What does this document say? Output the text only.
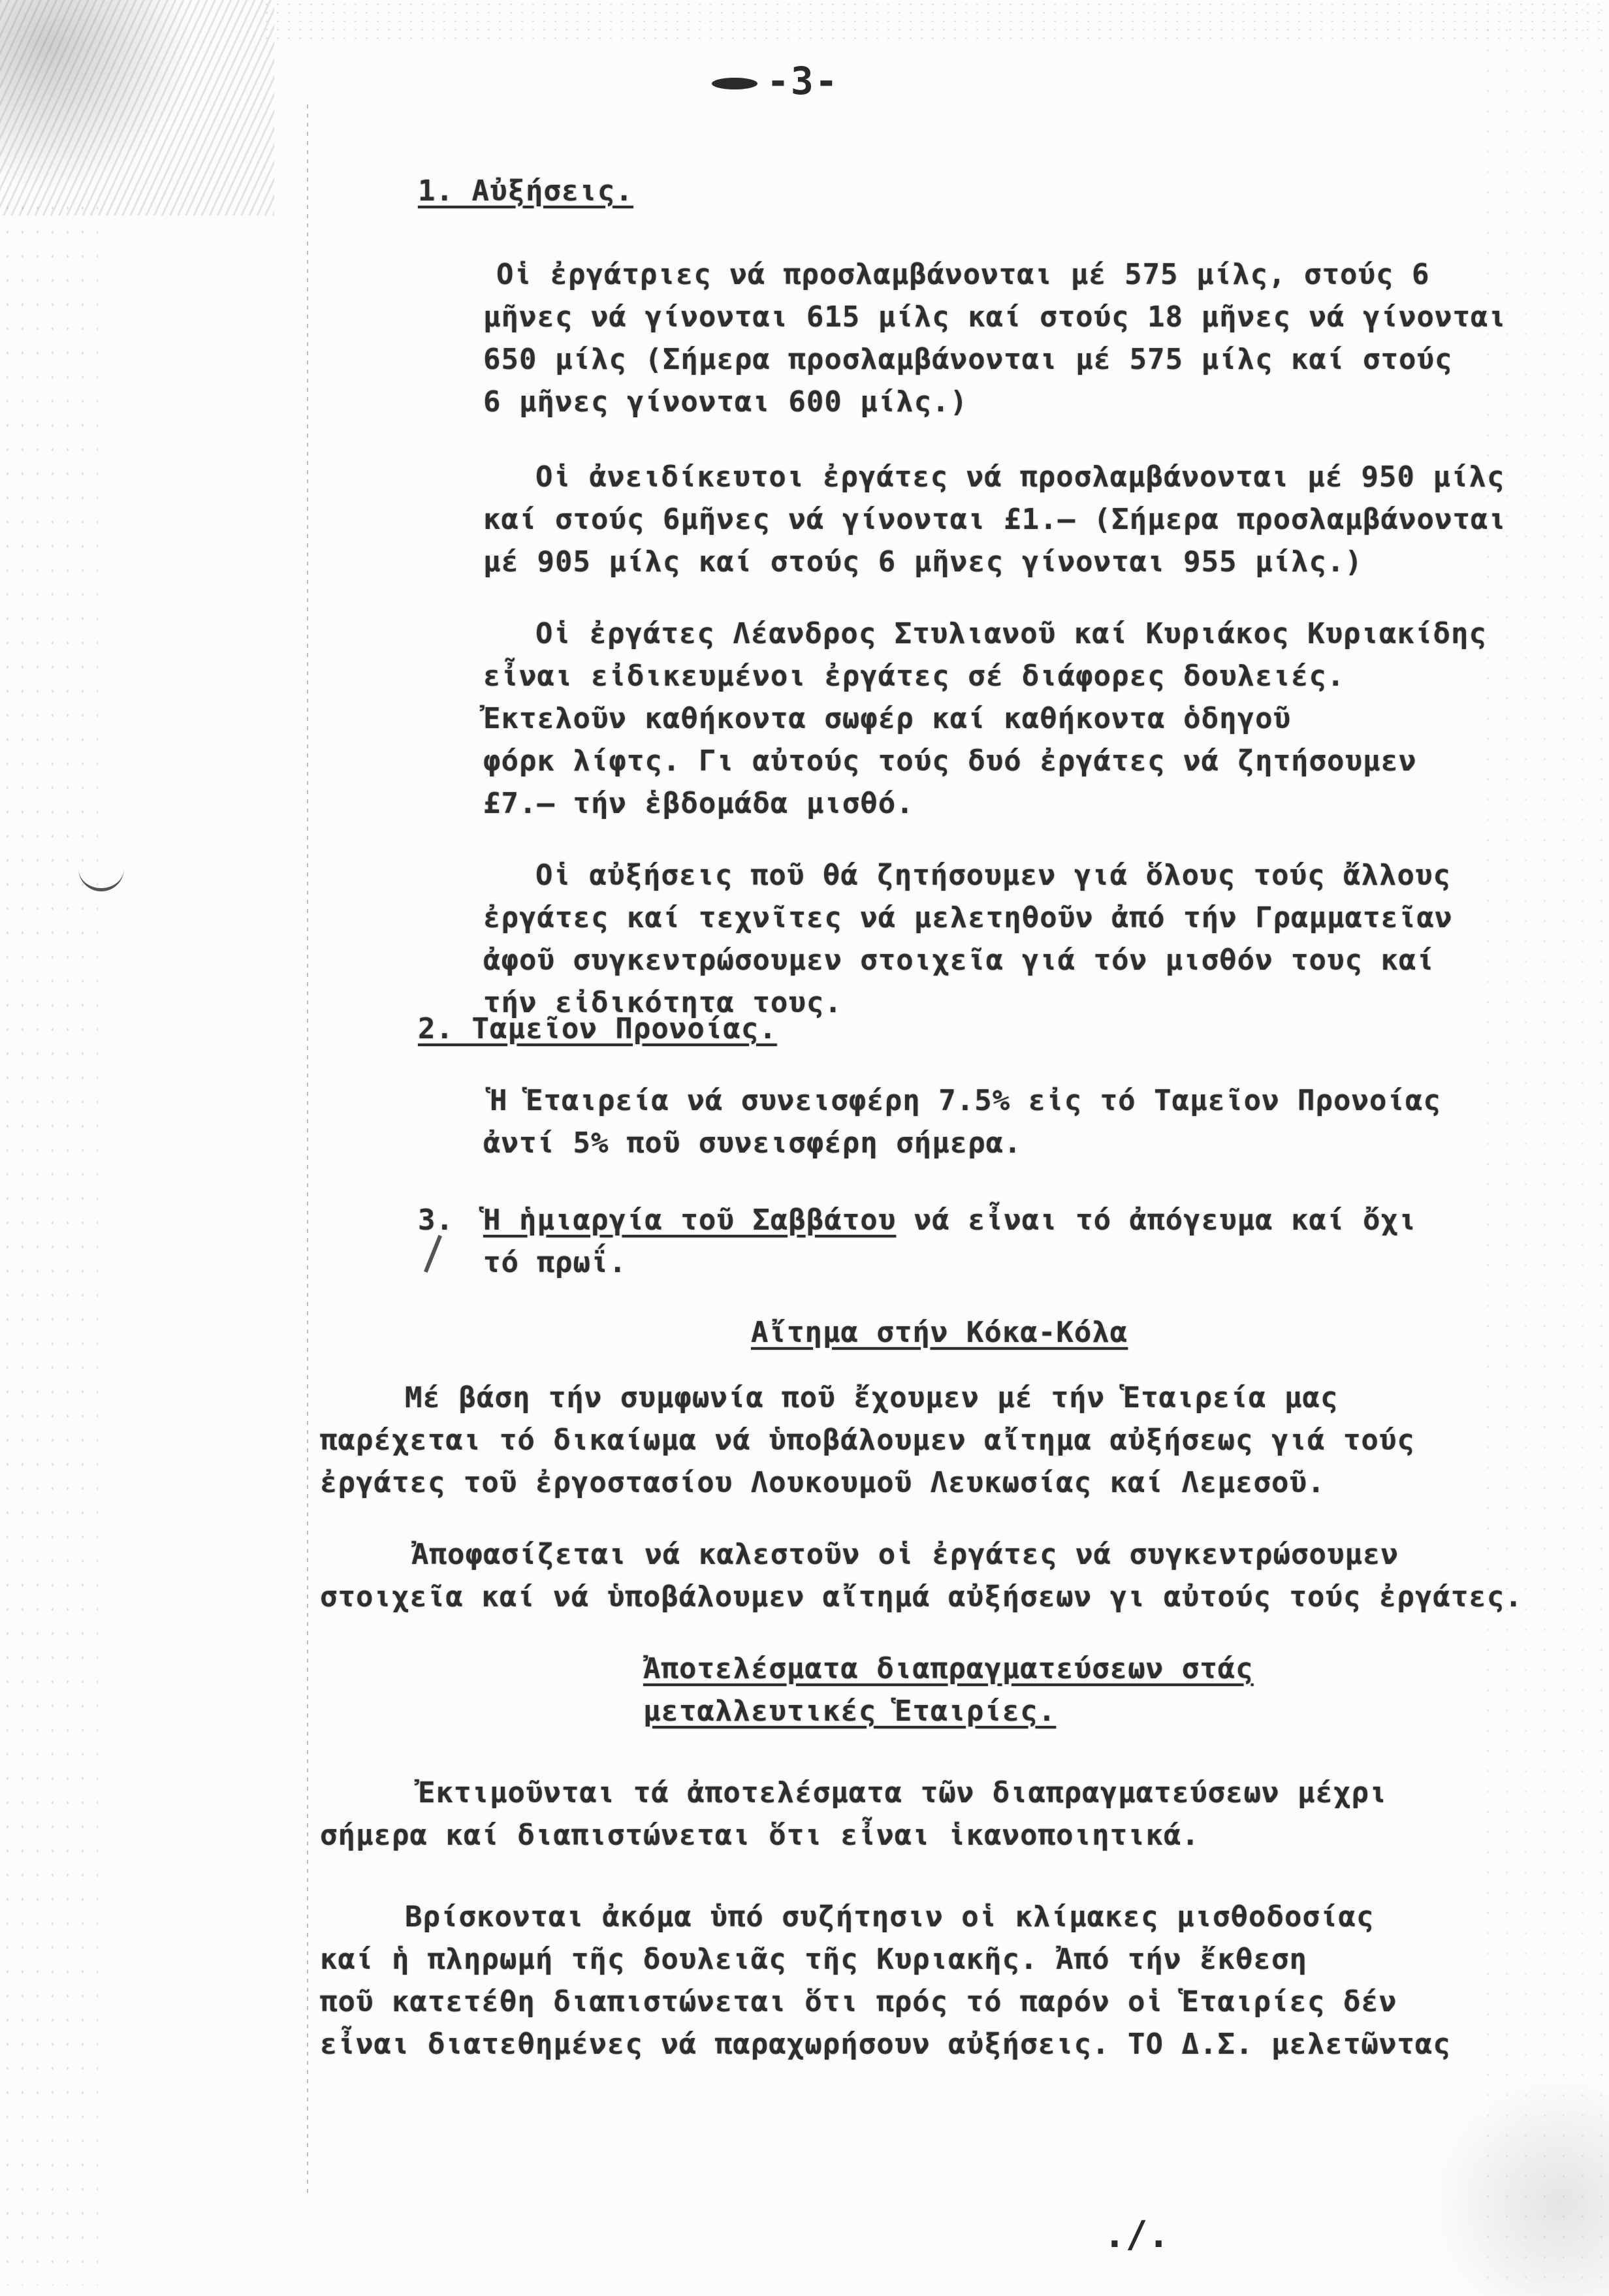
-3-
1. Αὐξήσεις.
Οἱ ἐργάτριες νά προσλαμβάνονται μέ 575 μίλς, στούς 6
μῆνες νά γίνονται 615 μίλς καί στούς 18 μῆνες νά γίνονται
650 μίλς (Σήμερα προσλαμβάνονται μέ 575 μίλς καί στούς
6 μῆνες γίνονται 600 μίλς.)
Οἱ ἀνειδίκευτοι ἐργάτες νά προσλαμβάνονται μέ 950 μίλς
καί στούς 6μῆνες νά γίνονται £1.— (Σήμερα προσλαμβάνονται
μέ 905 μίλς καί στούς 6 μῆνες γίνονται 955 μίλς.)
Οἱ ἐργάτες Λέανδρος Στυλιανοῦ καί Κυριάκος Κυριακίδης
εἶναι εἰδικευμένοι ἐργάτες σέ διάφορες δουλειές.
Ἐκτελοῦν καθήκοντα σωφέρ καί καθήκοντα ὁδηγοῦ
φόρκ λίφτς. Γι αὐτούς τούς δυό ἐργάτες νά ζητήσουμεν
£7.— τήν ἑβδομάδα μισθό.
Οἱ αὐξήσεις ποῦ θά ζητήσουμεν γιά ὅλους τούς ἄλλους
ἐργάτες καί τεχνῖτες νά μελετηθοῦν ἀπό τήν Γραμματεῖαν
ἀφοῦ συγκεντρώσουμεν στοιχεῖα γιά τόν μισθόν τους καί
τήν εἰδικότητα τους.
2. Ταμεῖον Προνοίας.
Ἡ Ἑταιρεία νά συνεισφέρη 7.5% εἰς τό Ταμεῖον Προνοίας
ἀντί 5% ποῦ συνεισφέρη σήμερα.
3. Ἡ ἡμιαργία τοῦ Σαββάτου νά εἶναι τό ἀπόγευμα καί ὄχι
τό πρωΐ.
Αἴτημα στήν Κόκα-Κόλα
Μέ βάση τήν συμφωνία ποῦ ἔχουμεν μέ τήν Ἑταιρεία μας
παρέχεται τό δικαίωμα νά ὑποβάλουμεν αἴτημα αὐξήσεως γιά τούς
ἐργάτες τοῦ ἐργοστασίου Λουκουμοῦ Λευκωσίας καί Λεμεσοῦ.
Ἀποφασίζεται νά καλεστοῦν οἱ ἐργάτες νά συγκεντρώσουμεν
στοιχεῖα καί νά ὑποβάλουμεν αἴτημά αὐξήσεων γι αὐτούς τούς ἐργάτες.
Ἀποτελέσματα διαπραγματεύσεων στάς
μεταλλευτικές Ἑταιρίες.
Ἐκτιμοῦνται τά ἀποτελέσματα τῶν διαπραγματεύσεων μέχρι
σήμερα καί διαπιστώνεται ὅτι εἶναι ἱκανοποιητικά.
Βρίσκονται ἀκόμα ὑπό συζήτησιν οἱ κλίμακες μισθοδοσίας
καί ἡ πληρωμή τῆς δουλειᾶς τῆς Κυριακῆς. Ἀπό τήν ἔκθεση
ποῦ κατετέθη διαπιστώνεται ὅτι πρός τό παρόν οἱ Ἑταιρίες δέν
εἶναι διατεθημένες νά παραχωρήσουν αὐξήσεις. ΤΟ Δ.Σ. μελετῶντας
./.
